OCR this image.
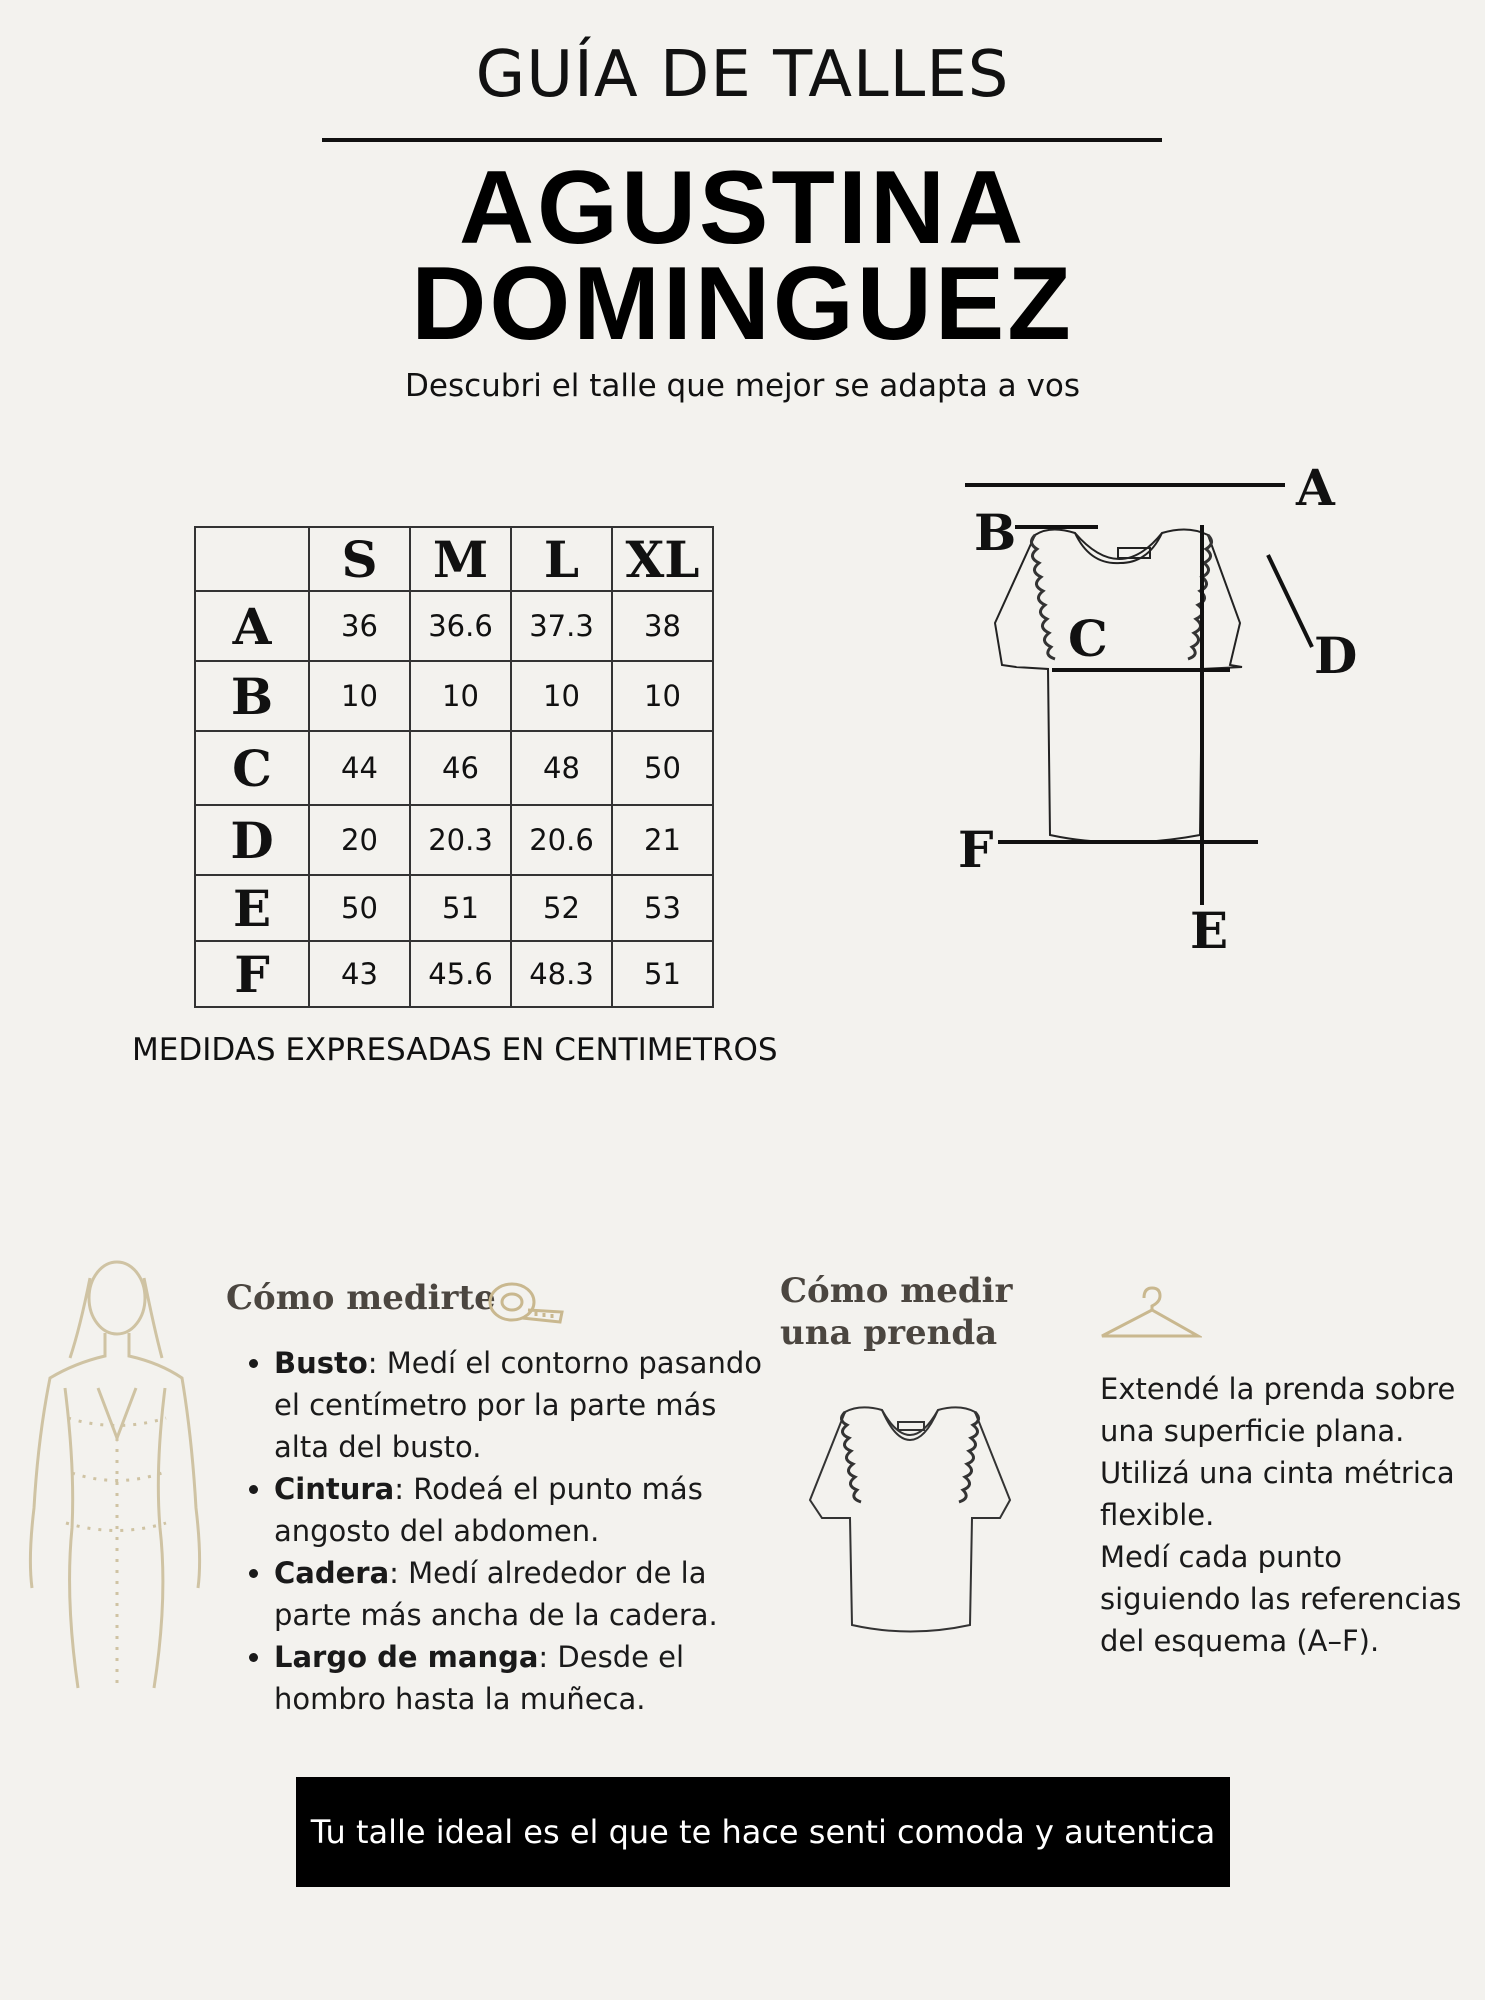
GUÍA DE TALLES
AGUSTINA
DOMINGUEZ
Descubri el talle que mejor se adapta a vos
	S	M	L	XL
A	36	36.6	37.3	38
B	10	10	10	10
C	44	46	48	50
D	20	20.3	20.6	21
E	50	51	52	53
F	43	45.6	48.3	51
MEDIDAS EXPRESADAS EN CENTIMETROS
A
B
C	D
E
F
Cómo medirte
• Busto: Medí el contorno pasando el centímetro por la parte más alta del busto.
• Cintura: Rodeá el punto más angosto del abdomen.
• Cadera: Medí alrededor de la parte más ancha de la cadera.
• Largo de manga: Desde el hombro hasta la muñeca.
Cómo medir una prenda

Extendé la prenda sobre una superficie plana.

Utilizá una cinta métrica flexible.

Medí cada punto siguiendo las referencias del esquema (A–F).

Tu talle ideal es el que te hace senti comoda y autentica
